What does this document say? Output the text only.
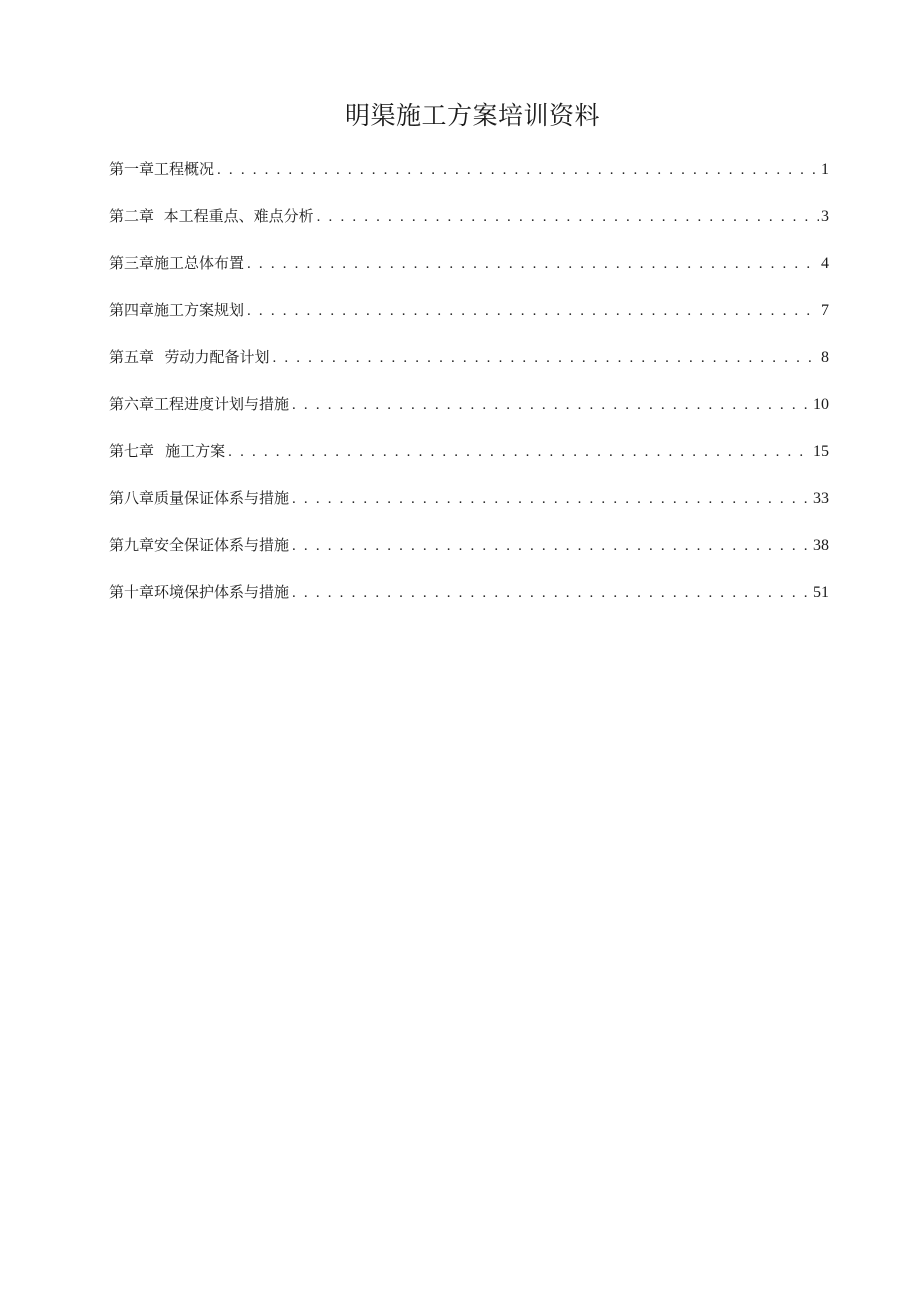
明渠施工方案培训资料
第一章 工程概况 . . .	1
第二章 本工程重点、难点分析 . . .	3
第三章 施工总体布置 . . .	4
第四章 施工方案规划 . . .	7
第五章 劳动力配备计划 . . .	8
第六章 工程进度计划与措施 . . .	10
第七章 施工方案 . . .	15
第八章 质量保证体系与措施 . . .	33
第九章 安全保证体系与措施 . . .	38
第十章 环境保护体系与措施 . . .	51
